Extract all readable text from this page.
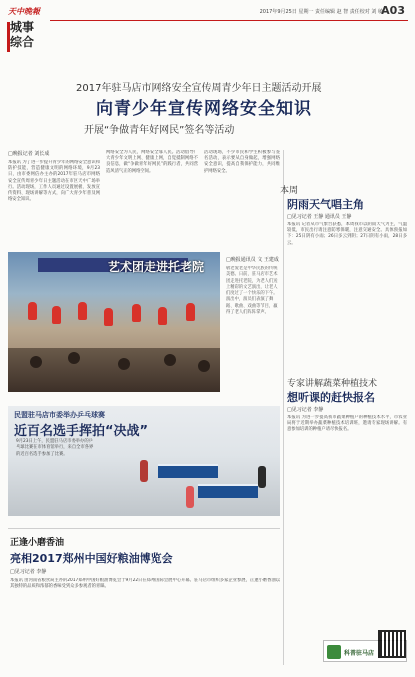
天中晚報
城事综合
2017年9月25日 星期一 责任编辑 赵 智 责任校对 刘 敏
A03
2017年驻马店市网络安全宣传周青少年日主题活动开展
向青少年宣传网络安全知识
开展“争做青年好网民”签名等活动
□晚报记者 刘长成
本报讯 为了进一步提升青少年的网络安全意识和防护技能，营造健康文明的网络环境，9月23日，由市委网信办主办的2017年驻马店市网络安全宣传周青少年日主题活动在市区天中广场举行。活动现场，工作人员通过设置展板、发放宣传资料、现场讲解等方式，向广大青少年普及网络安全知识。
网络安全为人民，网络安全靠人民。活动倡导广大青少年文明上网、健康上网，自觉抵制网络不良信息，做“争做青年好网民”的践行者，共同营造风清气正的网络空间。
活动现场，不少市民和学生积极参与签名活动，表示要从自身做起，增强网络安全意识，提高自我保护能力，共同维护网络安全。
艺术团走进托老院	□晚报通讯员 文 王建成
敬老爱老是中华民族的传统美德。日前，驻马店市艺术团走进托老院，为老人们送上精彩的文艺演出，让老人们度过了一个快乐的下午。演出中，演员们表演了舞蹈、歌曲、戏曲等节目，赢得了老人们阵阵掌声。
民盟驻马店市委举办乒乓球赛
近百名选手挥拍“决战”
9月23日上午，民盟驻马店市委举办的乒乓球比赛在市体育馆举行，来自全市各界的近百名选手参加了比赛。
正逢小磨香油
亮相2017郑州中国好粮油博览会
□见习记者 李静
本报讯 由河南省粮食局主办的2017郑州中国好粮油博览会于9月22日在郑州国际会展中心开幕。驻马店市组织多家企业参展，正逢小磨香油以其独特的品质和浓郁的香味受到众多参观者的青睐。
本周
阴雨天气唱主角
□见习记者 王静 通讯员 王静
本报讯 记者从市气象台获悉，本周我市以阴雨天气为主，气温较低，市民出行请注意防寒保暖，注意交通安全。具体预报如下：25日阴有小雨；26日多云到阴；27日阴有小雨，28日多云。
专家讲解蔬菜种植技术
想听课的赶快报名
□见习记者 李静
本报讯 为进一步提高我市蔬菜种植户的种植技术水平，市农业局将于近期举办蔬菜种植技术培训班，邀请专家现场讲解。有意参加培训的种植户请尽快报名。
科普驻马店
